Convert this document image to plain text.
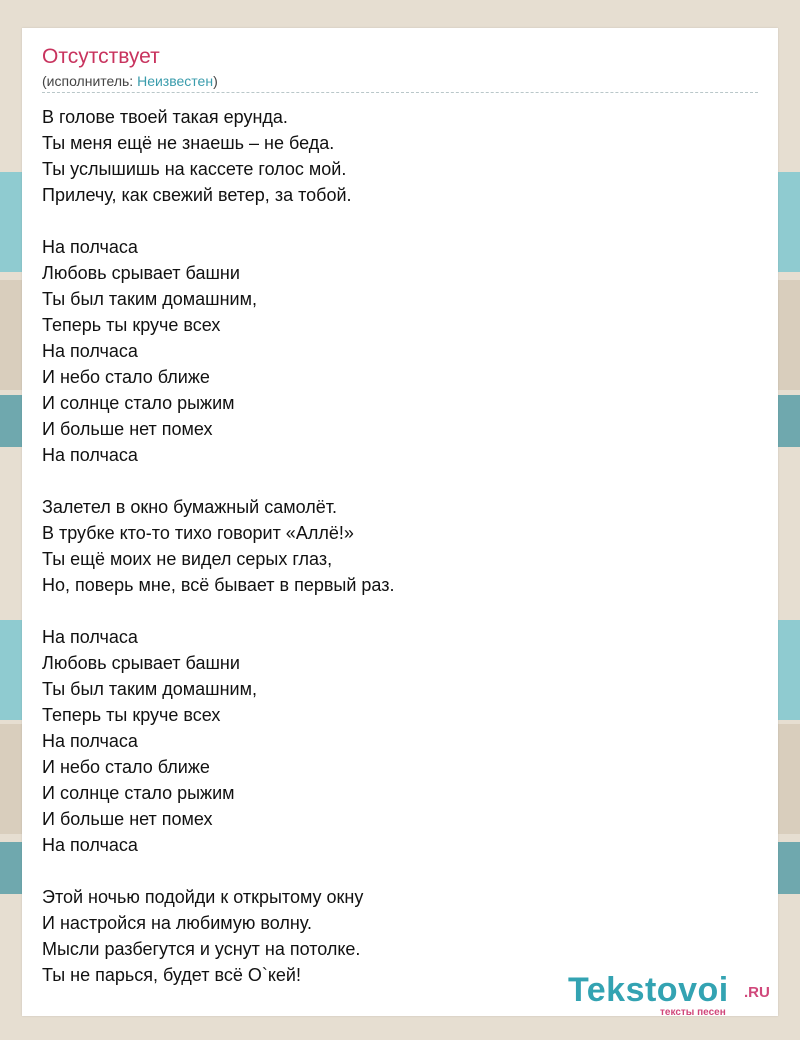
Отсутствует
(исполнитель: Неизвестен)
В голове твоей такая ерунда.
Ты меня ещё не знаешь – не беда.
Ты услышишь на кассете голос мой.
Прилечу, как свежий ветер, за тобой.
На полчаса
Любовь срывает башни
Ты был таким домашним,
Теперь ты круче всех
На полчаса
И небо стало ближе
И солнце стало рыжим
И больше нет помех
На полчаса
Залетел в окно бумажный самолёт.
В трубке кто-то тихо говорит «Аллё!»
Ты ещё моих не видел серых глаз,
Но, поверь мне, всё бывает в первый раз.
На полчаса
Любовь срывает башни
Ты был таким домашним,
Теперь ты круче всех
На полчаса
И небо стало ближе
И солнце стало рыжим
И больше нет помех
На полчаса
Этой ночью подойди к открытому окну
И настройся на любимую волну.
Мысли разбегутся и уснут на потолке.
Ты не парься, будет всё О`кей!	Tekstovoi .RU
тексты песен
